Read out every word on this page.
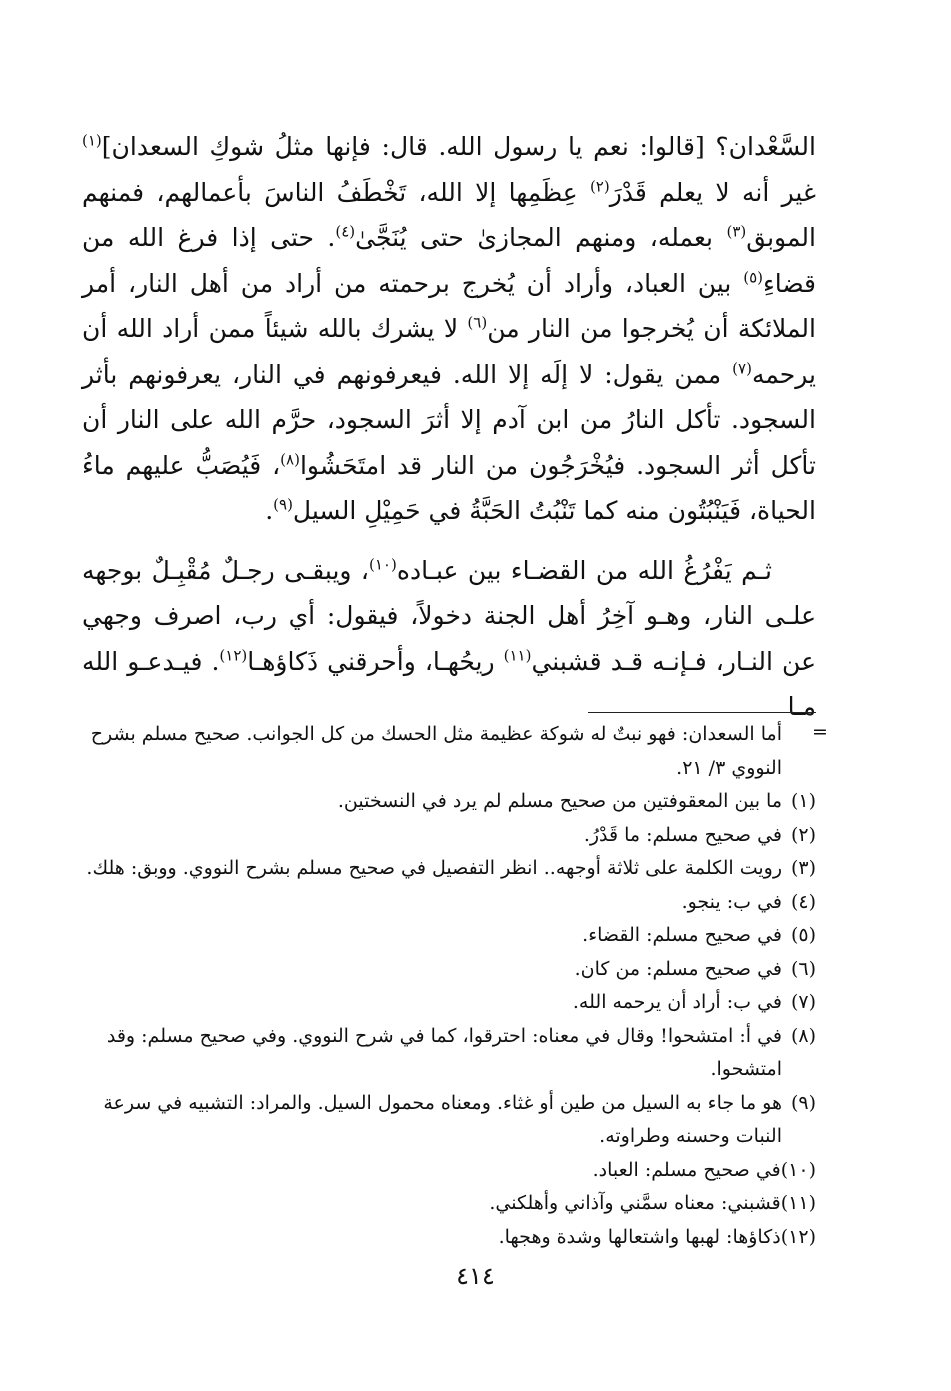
السَّعْدان؟ [قالوا: نعم يا رسول الله. قال: فإنها مثلُ شوكِ السعدان]$^{(١)}$ غير أنه لا يعلم قَدْرَ$^{(٢)}$ عِظَمِها إلا الله، تَخْطَفُ الناسَ بأعمالهم، فمنهم الموبق$^{(٣)}$ بعمله، ومنهم المجازىٰ حتى يُنَجَّىٰ$^{(٤)}$. حتى إذا فرغ الله من قضاءِ$^{(٥)}$ بين العباد، وأراد أن يُخرج برحمته من أراد من أهل النار، أمر الملائكة أن يُخرجوا من النار من$^{(٦)}$ لا يشرك بالله شيئاً ممن أراد الله أن يرحمه$^{(٧)}$ ممن يقول: لا إلَه إلا الله. فيعرفونهم في النار، يعرفونهم بأثر السجود. تأكل النارُ من ابن آدم إلا أثرَ السجود، حرَّم الله على النار أن تأكل أثر السجود. فيُخْرَجُون من النار قد امتَحَشُوا$^{(٨)}$، فَيُصَبُّ عليهم ماءُ الحياة، فَيَنْبُتُون منه كما تَنْبُتُ الحَبَّةُ في حَمِيْلِ السيل$^{(٩)}$.

ثـم يَفْرُغُ الله من القضـاء بين عبـاده$^{(١٠)}$، ويبقـى رجـلٌ مُقْبِـلٌ بوجهه علـى النار، وهـو آخِرُ أهل الجنة دخولاً، فيقول: أي رب، اصرف وجهي عن النـار، فـإنـه قـد قشبني$^{(١١)}$ ريحُهـا، وأحرقني ذَكاؤهـا$^{(١٢)}$. فيـدعـو الله مـا

=
أما السعدان: فهو نبتٌ له شوكة عظيمة مثل الحسك من كل الجوانب. صحيح مسلم بشرح النووي ٣/ ٢١.
(١)
ما بين المعقوفتين من صحيح مسلم لم يرد في النسختين.
(٢)
في صحيح مسلم: ما قَدْرُ.
(٣)
رويت الكلمة على ثلاثة أوجهه.. انظر التفصيل في صحيح مسلم بشرح النووي. ووبق: هلك.
(٤)
في ب: ينجو.
(٥)
في صحيح مسلم: القضاء.
(٦)
في صحيح مسلم: من كان.
(٧)
في ب: أراد أن يرحمه الله.
(٨)
في أ: امتشحوا! وقال في معناه: احترقوا، كما في شرح النووي. وفي صحيح مسلم: وقد امتشحوا.
(٩)
هو ما جاء به السيل من طين أو غثاء. ومعناه محمول السيل. والمراد: التشبيه في سرعة النبات وحسنه وطراوته.
(١٠)
في صحيح مسلم: العباد.
(١١)
قشبني: معناه سمَّني وآذاني وأهلكني.
(١٢)
ذكاؤها: لهبها واشتعالها وشدة وهجها.
٤١٤
